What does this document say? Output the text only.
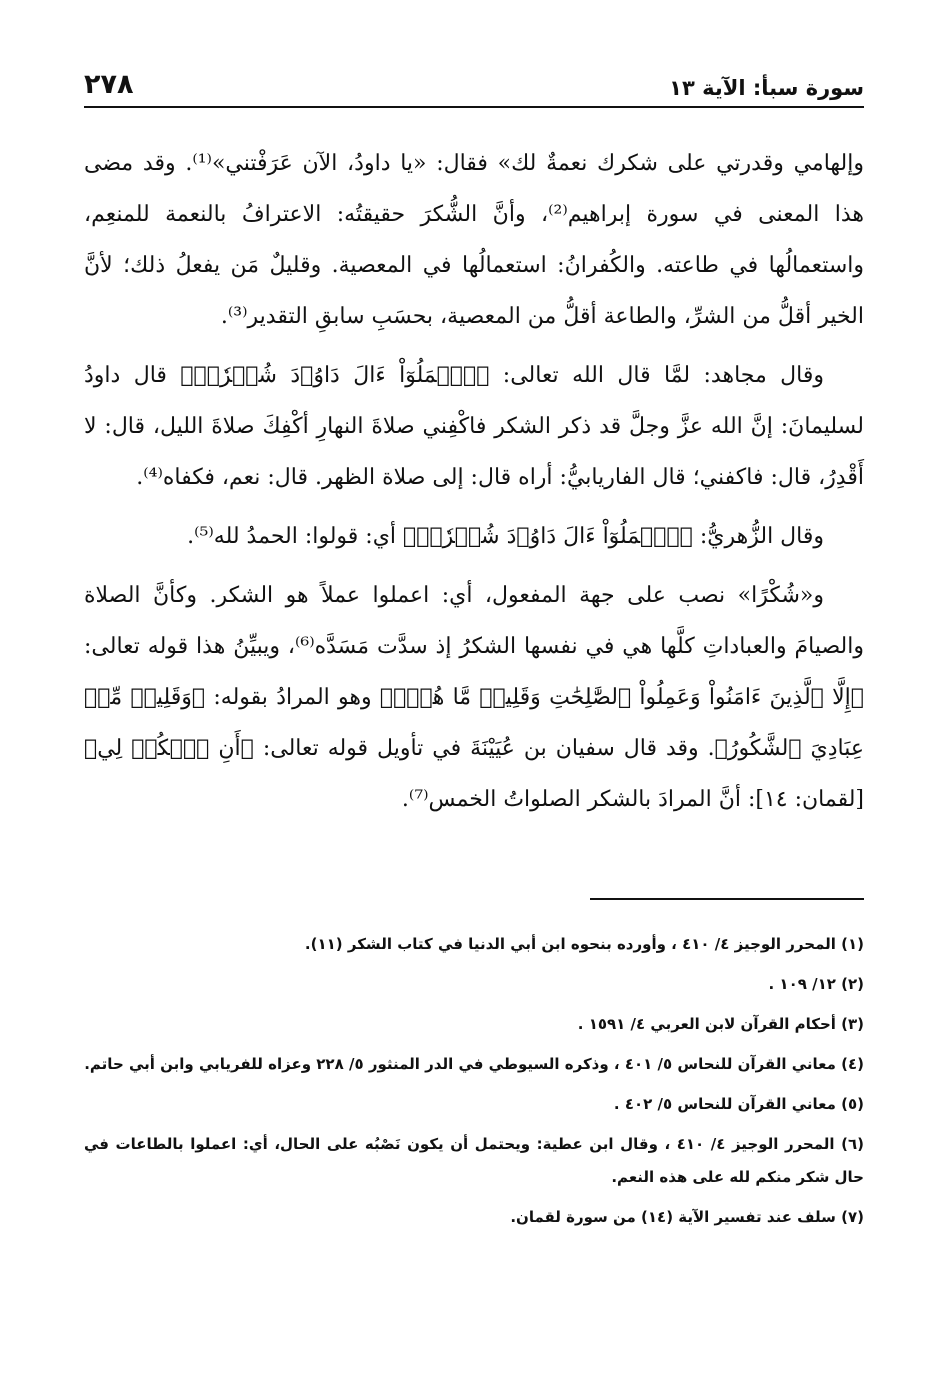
٢٧٨	سورة سبأ: الآية ١٣

وإلهامي وقدرتي على شكرك نعمةٌ لك» فقال: «يا داودُ، الآن عَرَفْتني»⁽¹⁾. وقد مضى هذا المعنى في سورة إبراهيم⁽²⁾، وأنَّ الشُّكرَ حقيقتُه: الاعترافُ بالنعمة للمنعِم، واستعمالُها في طاعته. والكُفرانُ: استعمالُها في المعصية. وقليلٌ مَن يفعلُ ذلك؛ لأنَّ الخير أقلُّ من الشرِّ، والطاعة أقلُّ من المعصية، بحسَبِ سابقِ التقدير⁽³⁾.

وقال مجاهد: لمَّا قال الله تعالى: ﴿ٱعۡمَلُوٓاْ ءَالَ دَاوُۥدَ شُكۡرٗاۚ﴾ قال داودُ لسليمانَ: إنَّ الله عزَّ وجلَّ قد ذكر الشكر فاكْفِني صلاةَ النهارِ أكْفِكَ صلاةَ الليل، قال: لا أَقْدِرُ، قال: فاكفني؛ قال الفاريابيُّ: أراه قال: إلى صلاة الظهر. قال: نعم، فكفاه⁽⁴⁾.

وقال الزُّهريُّ: ﴿ٱعۡمَلُوٓاْ ءَالَ دَاوُۥدَ شُكۡرٗاۚ﴾ أي: قولوا: الحمدُ لله⁽⁵⁾.

و«شُكْرًا» نصب على جهة المفعول، أي: اعملوا عملاً هو الشكر. وكأنَّ الصلاة والصيامَ والعباداتِ كلَّها هي في نفسها الشكرُ إذ سدَّت مَسَدَّه⁽⁶⁾، ويبيِّنُ هذا قوله تعالى: ﴿إِلَّا ٱلَّذِينَ ءَامَنُواْ وَعَمِلُواْ ٱلصَّٰلِحَٰتِ وَقَلِيلٞ مَّا هُمۡۗ﴾ وهو المرادُ بقوله: ﴿وَقَلِيلٞ مِّنۡ عِبَادِيَ ٱلشَّكُورُ﴾. وقد قال سفيان بن عُيَيْنَةَ في تأويل قوله تعالى: ﴿أَنِ ٱشۡكُرۡ لِي﴾ [لقمان: ١٤]: أنَّ المرادَ بالشكر الصلواتُ الخمس⁽⁷⁾.

(١) المحرر الوجيز ٤/ ٤١٠ ، وأورده بنحوه ابن أبي الدنيا في كتاب الشكر (١١).

(٢) ١٢/ ١٠٩ .

(٣) أحكام القرآن لابن العربي ٤/ ١٥٩١ .

(٤) معاني القرآن للنحاس ٥/ ٤٠١ ، وذكره السيوطي في الدر المنثور ٥/ ٢٢٨ وعزاه للفريابي وابن أبي حاتم.

(٥) معاني القرآن للنحاس ٥/ ٤٠٢ .

(٦) المحرر الوجيز ٤/ ٤١٠ ، وقال ابن عطية: ويحتمل أن يكون نَصْبُه على الحال، أي: اعملوا بالطاعات في حال شكر منكم لله على هذه النعم.

(٧) سلف عند تفسير الآية (١٤) من سورة لقمان.
